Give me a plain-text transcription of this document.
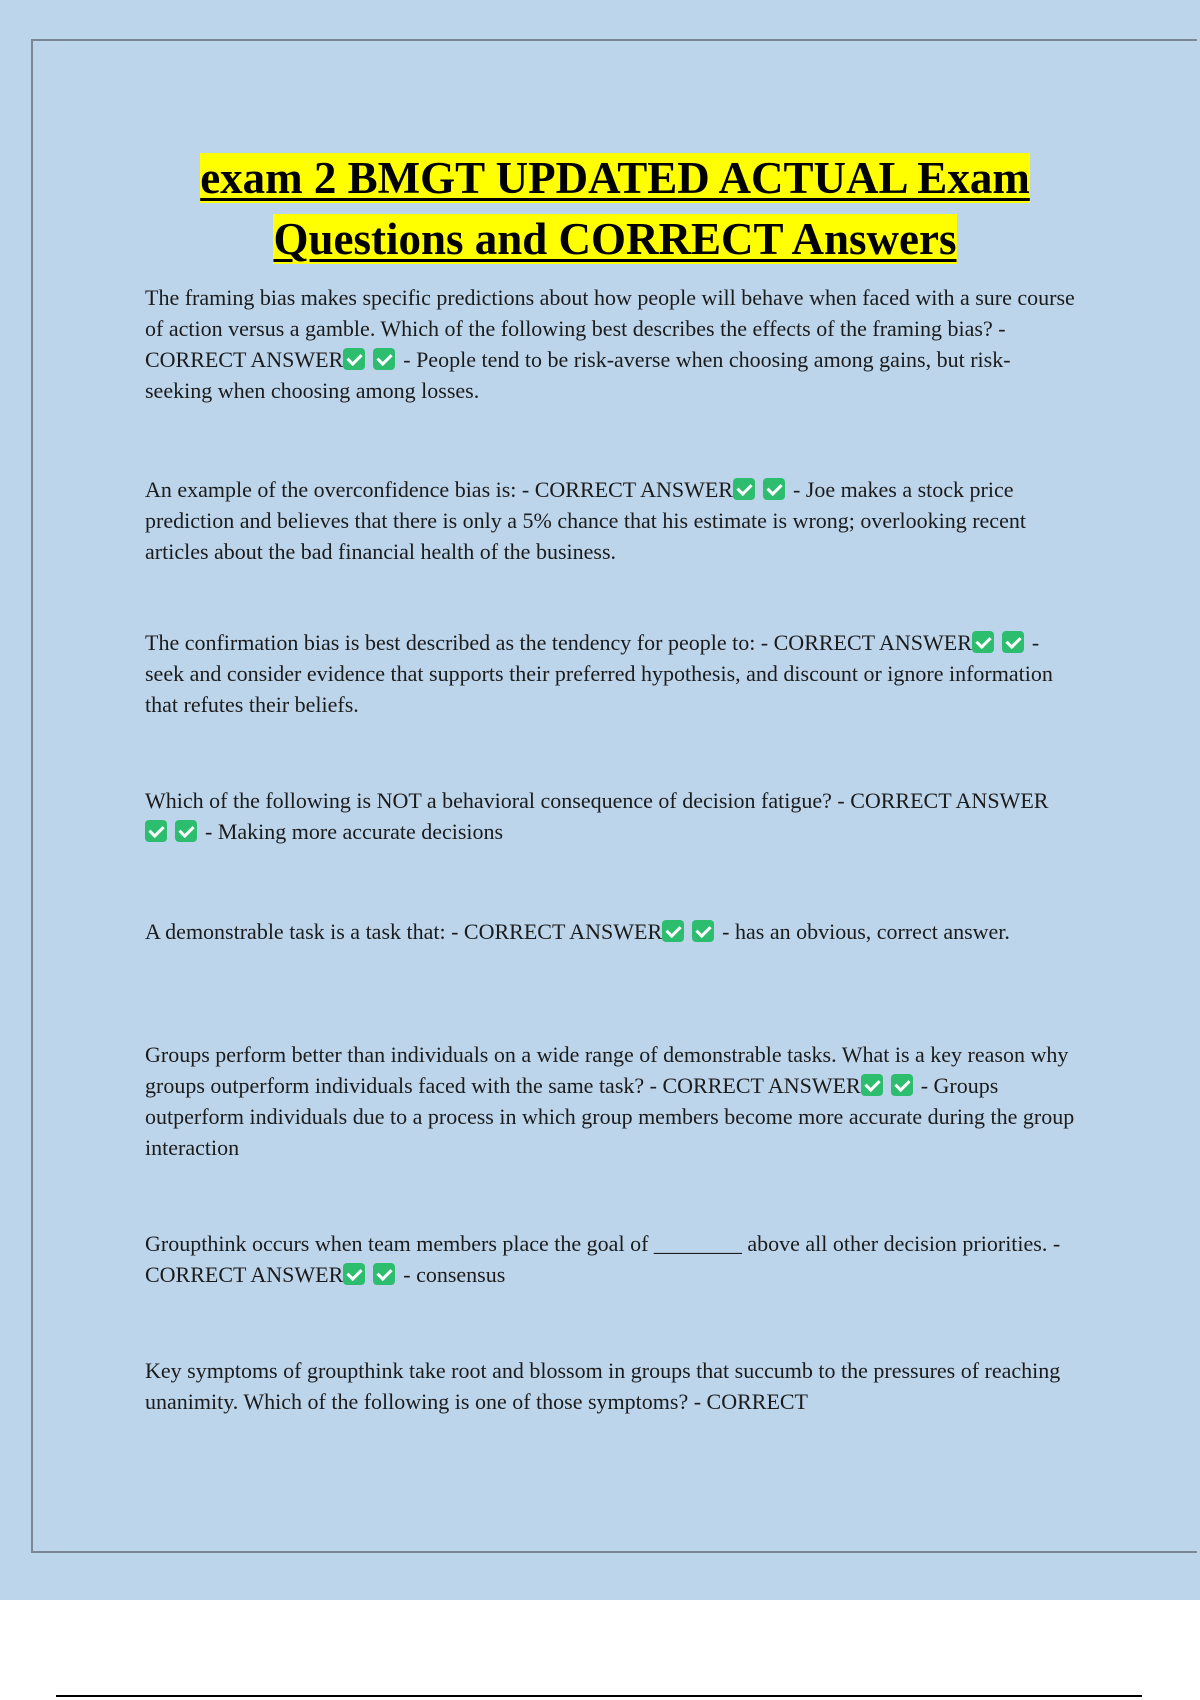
exam 2 BMGT UPDATED ACTUAL Exam Questions and CORRECT Answers

The framing bias makes specific predictions about how people will behave when faced with a sure course of action versus a gamble. Which of the following best describes the effects of the framing bias? - CORRECT ANSWER	- People tend to be risk-averse when choosing among gains, but risk-seeking when choosing among losses.

An example of the overconfidence bias is: - CORRECT ANSWER	- Joe makes a stock price prediction and believes that there is only a 5% chance that his estimate is wrong; overlooking recent articles about the bad financial health of the business.

The confirmation bias is best described as the tendency for people to: - CORRECT ANSWER	- seek and consider evidence that supports their preferred hypothesis, and discount or ignore information that refutes their beliefs.

Which of the following is NOT a behavioral consequence of decision fatigue? - CORRECT ANSWER- Making more accurate decisions

A demonstrable task is a task that: - CORRECT ANSWER	- has an obvious, correct answer.

Groups perform better than individuals on a wide range of demonstrable tasks. What is a key reason why groups outperform individuals faced with the same task? - CORRECT ANSWER	- Groups outperform individuals due to a process in which group members become more accurate during the group interaction

Groupthink occurs when team members place the goal of ________ above all other decision priorities. - CORRECT ANSWER	- consensus

Key symptoms of groupthink take root and blossom in groups that succumb to the pressures of reaching unanimity. Which of the following is one of those symptoms? - CORRECT
